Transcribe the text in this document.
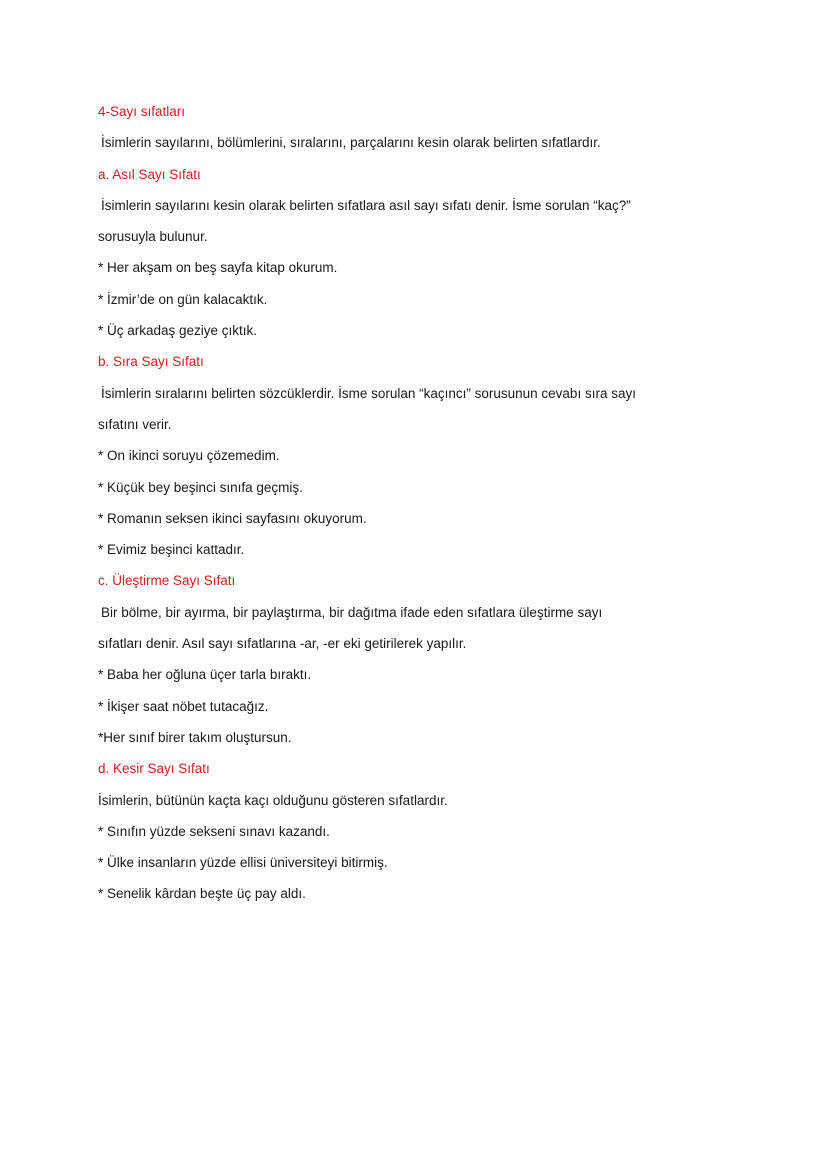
4-Sayı sıfatları
İsimlerin sayılarını, bölümlerini, sıralarını, parçalarını kesin olarak belirten sıfatlardır.
a. Asıl Sayı Sıfatı
İsimlerin sayılarını kesin olarak belirten sıfatlara asıl sayı sıfatı denir. İsme sorulan “kaç?”
sorusuyla bulunur.
* Her akşam on beş sayfa kitap okurum.
* İzmir’de on gün kalacaktık.
* Üç arkadaş geziye çıktık.
b. Sıra Sayı Sıfatı
İsimlerin sıralarını belirten sözcüklerdir. İsme sorulan “kaçıncı” sorusunun cevabı sıra sayı
sıfatını verir.
* On ikinci soruyu çözemedim.
* Küçük bey beşinci sınıfa geçmiş.
* Romanın seksen ikinci sayfasını okuyorum.
* Evimiz beşinci kattadır.
c. Üleştirme Sayı Sıfatı
Bir bölme, bir ayırma, bir paylaştırma, bir dağıtma ifade eden sıfatlara üleştirme sayı
sıfatları denir. Asıl sayı sıfatlarına -ar, -er eki getirilerek yapılır.
* Baba her oğluna üçer tarla bıraktı.
* İkişer saat nöbet tutacağız.
*Her sınıf birer takım oluştursun.
d. Kesir Sayı Sıfatı
İsimlerin, bütünün kaçta kaçı olduğunu gösteren sıfatlardır.
* Sınıfın yüzde sekseni sınavı kazandı.
* Ülke insanların yüzde ellisi üniversiteyi bitirmiş.
* Senelik kârdan beşte üç pay aldı.
